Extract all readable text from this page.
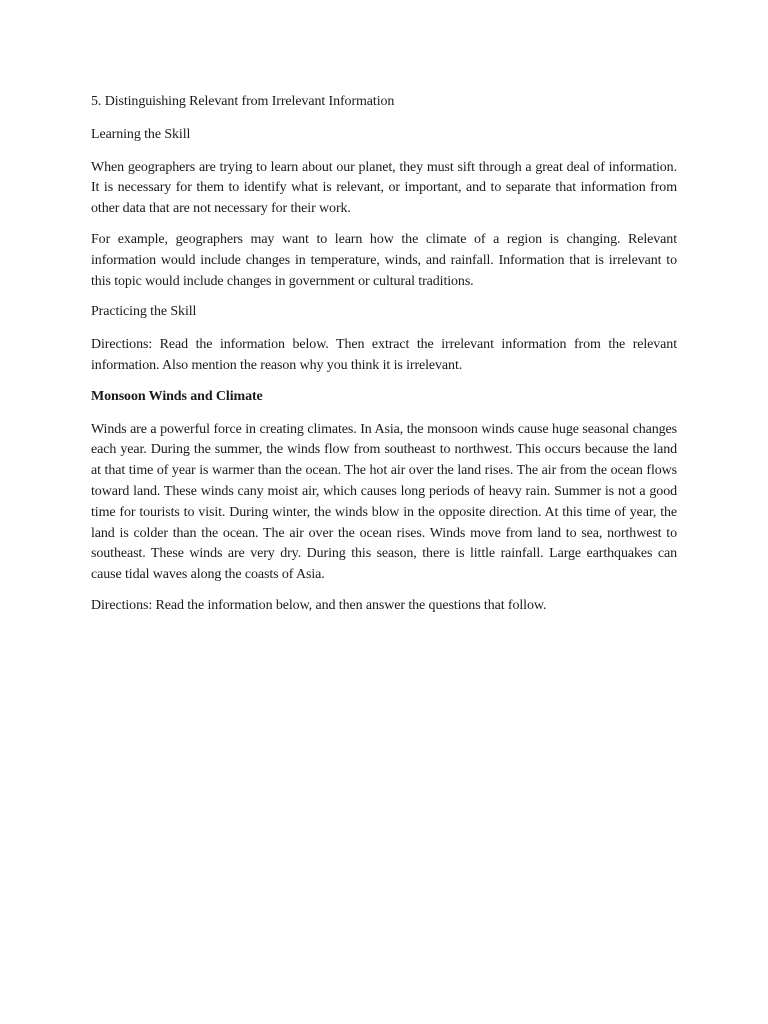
5. Distinguishing Relevant from Irrelevant Information

Learning the Skill

When geographers are trying to learn about our planet, they must sift through a great deal of information. It is necessary for them to identify what is relevant, or important, and to separate that information from other data that are not necessary for their work.

For example, geographers may want to learn how the climate of a region is changing. Relevant information would include changes in temperature, winds, and rainfall. Information that is irrelevant to this topic would include changes in government or cultural traditions.

Practicing the Skill

Directions: Read the information below. Then extract the irrelevant information from the relevant information. Also mention the reason why you think it is irrelevant.

Monsoon Winds and Climate

Winds are a powerful force in creating climates. In Asia, the monsoon winds cause huge seasonal changes each year. During the summer, the winds flow from southeast to northwest. This occurs because the land at that time of year is warmer than the ocean. The hot air over the land rises. The air from the ocean flows toward land. These winds cany moist air, which causes long periods of heavy rain. Summer is not a good time for tourists to visit. During winter, the winds blow in the opposite direction. At this time of year, the land is colder than the ocean. The air over the ocean rises. Winds move from land to sea, northwest to southeast. These winds are very dry. During this season, there is little rainfall. Large earthquakes can cause tidal waves along the coasts of Asia.

Directions: Read the information below, and then answer the questions that follow.
